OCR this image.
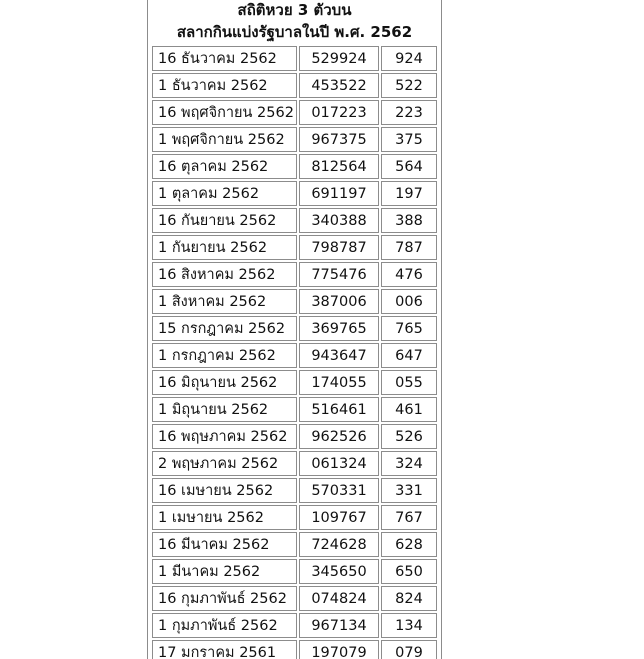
สถิติหวย 3 ตัวบน
สลากกินแบ่งรัฐบาลในปี พ.ศ. 2562
16 ธันวาคม 2562	529924	924
1 ธันวาคม 2562	453522	522
16 พฤศจิกายน 2562	017223	223
1 พฤศจิกายน 2562	967375	375
16 ตุลาคม 2562	812564	564
1 ตุลาคม 2562	691197	197
16 กันยายน 2562	340388	388
1 กันยายน 2562	798787	787
16 สิงหาคม 2562	775476	476
1 สิงหาคม 2562	387006	006
15 กรกฎาคม 2562	369765	765
1 กรกฎาคม 2562	943647	647
16 มิถุนายน 2562	174055	055
1 มิถุนายน 2562	516461	461
16 พฤษภาคม 2562	962526	526
2 พฤษภาคม 2562	061324	324
16 เมษายน 2562	570331	331
1 เมษายน 2562	109767	767
16 มีนาคม 2562	724628	628
1 มีนาคม 2562	345650	650
16 กุมภาพันธ์ 2562	074824	824
1 กุมภาพันธ์ 2562	967134	134
17 มกราคม 2561	197079	079
